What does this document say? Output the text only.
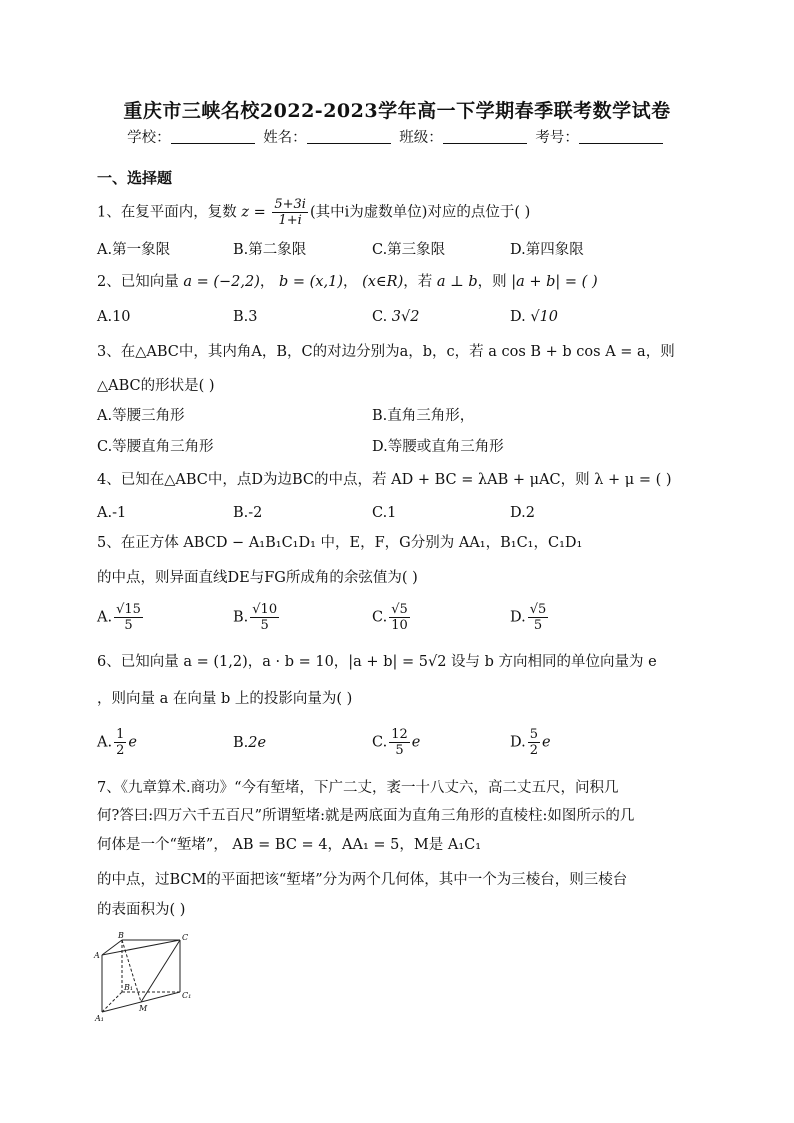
重庆市三峡名校2022-2023学年高一下学期春季联考数学试卷
学校：	姓名：	班级：	考号：
一、选择题
1、在复平面内，复数 $z = \frac{5+3i}{1+i}$ (其中i为虚数单位)对应的点位于( )
A.第一象限	B.第二象限	C.第三象限	D.第四象限
2、已知向量 a = (−2,2)， b = (x,1)， (x∈R)，若 a ⊥ b，则 |a + b| = ( )
A.10	B.3	C. 3√2	D. √10
3、在△ABC中，其内角A，B，C的对边分别为a，b，c，若 a cos B + b cos A = a，则
△ABC的形状是( )
A.等腰三角形	B.直角三角形，
C.等腰直角三角形	D.等腰或直角三角形
4、已知在△ABC中，点D为边BC的中点，若 AD + BC = λAB + μAC，则 λ + μ = ( )
A.-1	B.-2	C.1	D.2
5、在正方体 ABCD − A₁B₁C₁D₁ 中，E，F，G分别为 AA₁，B₁C₁，C₁D₁
的中点，则异面直线DE与FG所成角的余弦值为( )
A. $\frac{√15}{5}$	B. $\frac{√10}{5}$	C. $\frac{√5}{10}$	D. $\frac{√5}{5}$
6、已知向量 a = (1,2)，a · b = 10，|a + b| = 5√2 设与 b 方向相同的单位向量为 e
，则向量 a 在向量 b 上的投影向量为( )
A. $\frac{1}{2}$ e	B.2e	C. $\frac{12}{5}$ e	D. $\frac{5}{2}$ e
7、《九章算术.商功》“今有堑堵，下广二丈，袤一十八丈六，高二丈五尺，问积几
何?答曰:四万六千五百尺”所谓堑堵:就是两底面为直角三角形的直棱柱:如图所示的几
何体是一个“堑堵”， AB = BC = 4，AA₁ = 5，M是 A₁C₁
的中点，过BCM的平面把该“堑堵”分为两个几何体，其中一个为三棱台，则三棱台
的表面积为( )
B	C
A
B₁
C₁
M
A₁
